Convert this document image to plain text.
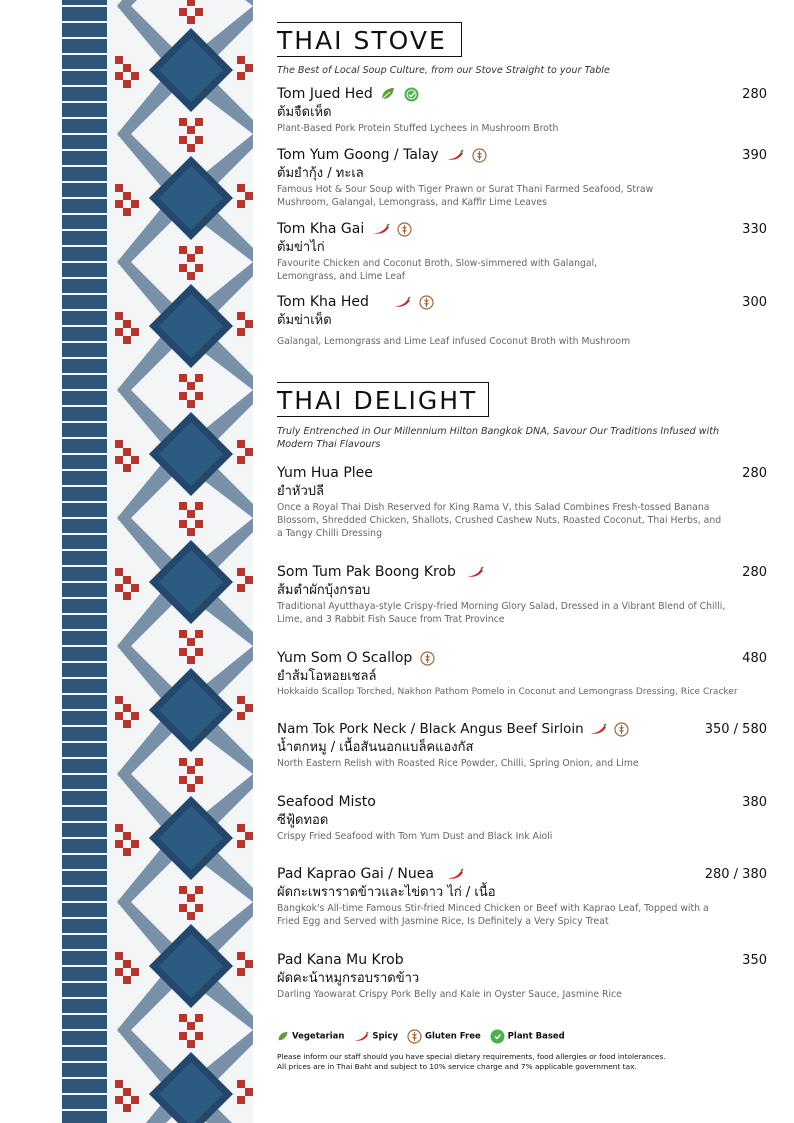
THAI STOVE
The Best of Local Soup Culture, from our Stove Straight to your Table
Tom Jued Hed	280
ต้มจืดเห็ด
Plant-Based Pork Protein Stuffed Lychees in Mushroom Broth
Tom Yum Goong / Talay	390
ต้มยำกุ้ง / ทะเล
Famous Hot & Sour Soup with Tiger Prawn or Surat Thani Farmed Seafood, Straw Mushroom, Galangal, Lemongrass, and Kaffir Lime Leaves
Tom Kha Gai	330
ต้มข่าไก่
Favourite Chicken and Coconut Broth, Slow-simmered with Galangal, Lemongrass, and Lime Leaf
Tom Kha Hed	300
ต้มข่าเห็ด
Galangal, Lemongrass and Lime Leaf infused Coconut Broth with Mushroom
THAI DELIGHT
Truly Entrenched in Our Millennium Hilton Bangkok DNA, Savour Our Traditions Infused with Modern Thai Flavours
Yum Hua Plee	280
ยำหัวปลี
Once a Royal Thai Dish Reserved for King Rama V, this Salad Combines Fresh-tossed Banana Blossom, Shredded Chicken, Shallots, Crushed Cashew Nuts, Roasted Coconut, Thai Herbs, and a Tangy Chilli Dressing
Som Tum Pak Boong Krob	280
ส้มตำผักบุ้งกรอบ
Traditional Ayutthaya-style Crispy-fried Morning Glory Salad, Dressed in a Vibrant Blend of Chilli, Lime, and 3 Rabbit Fish Sauce from Trat Province
Yum Som O Scallop	480
ยำส้มโอหอยเชลล์
Hokkaido Scallop Torched, Nakhon Pathom Pomelo in Coconut and Lemongrass Dressing, Rice Cracker
Nam Tok Pork Neck / Black Angus Beef Sirloin	350 / 580
น้ำตกหมู / เนื้อสันนอกแบล็คแองกัส
North Eastern Relish with Roasted Rice Powder, Chilli, Spring Onion, and Lime
Seafood Misto	380
ซีฟู้ดทอด
Crispy Fried Seafood with Tom Yum Dust and Black Ink Aioli
Pad Kaprao Gai / Nuea	280 / 380
ผัดกะเพราราดข้าวและไข่ดาว ไก่ / เนื้อ
Bangkok's All-time Famous Stir-fried Minced Chicken or Beef with Kaprao Leaf, Topped with a Fried Egg and Served with Jasmine Rice, Is Definitely a Very Spicy Treat
Pad Kana Mu Krob	350
ผัดคะน้าหมูกรอบราดข้าว
Darling Yaowarat Crispy Pork Belly and Kale in Oyster Sauce, Jasmine Rice
Vegetarian	Spicy	Gluten Free	Plant Based
Please inform our staff should you have special dietary requirements, food allergies or food intolerances.
All prices are in Thai Baht and subject to 10% service charge and 7% applicable government tax.
